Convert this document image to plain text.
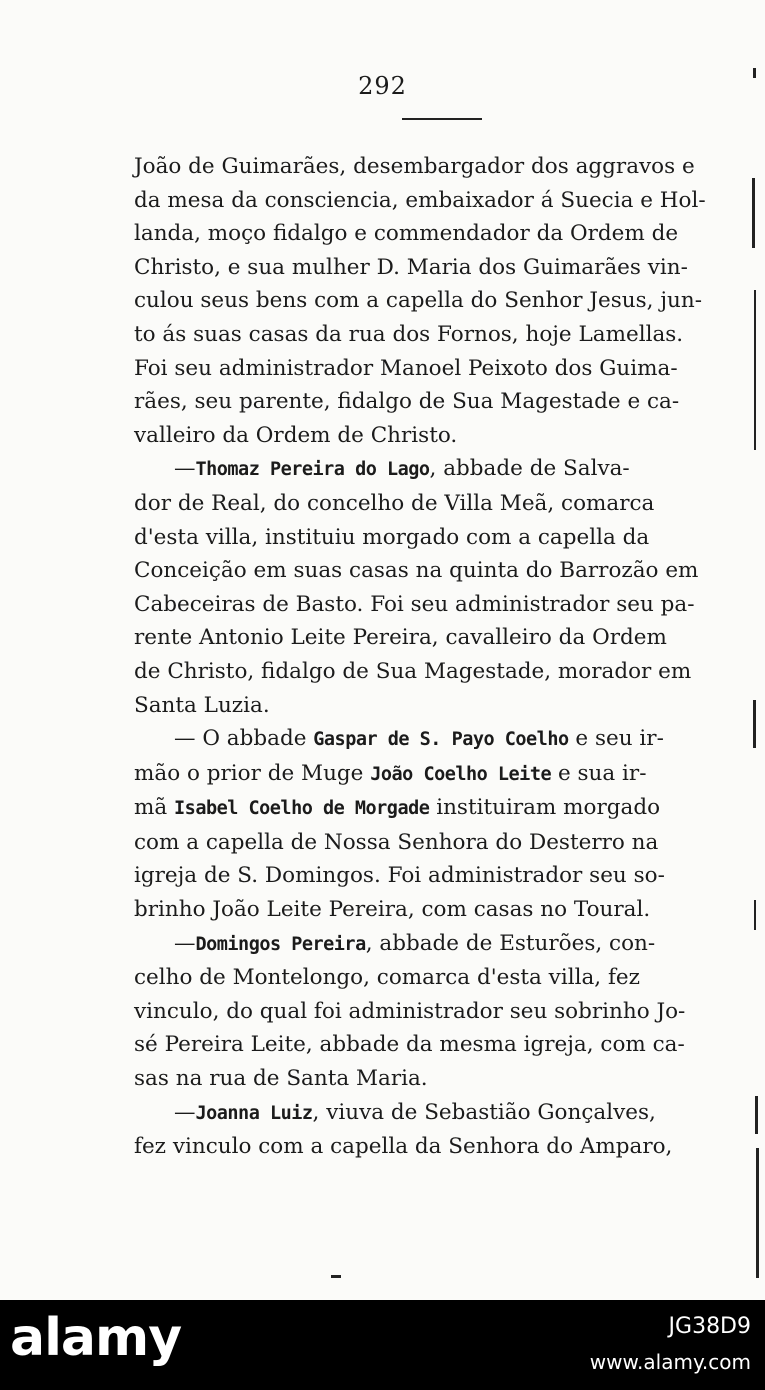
292

João de Guimarães, desembargador dos aggravos e
da mesa da consciencia, embaixador á Suecia e Hol-
landa, moço fidalgo e commendador da Ordem de
Christo, e sua mulher D. Maria dos Guimarães vin-
culou seus bens com a capella do Senhor Jesus, jun-
to ás suas casas da rua dos Fornos, hoje Lamellas.
Foi seu administrador Manoel Peixoto dos Guima-
rães, seu parente, fidalgo de Sua Magestade e ca-
valleiro da Ordem de Christo.

—Thomaz Pereira do Lago, abbade de Salva-
dor de Real, do concelho de Villa Meã, comarca
d'esta villa, instituiu morgado com a capella da
Conceição em suas casas na quinta do Barrozão em
Cabeceiras de Basto. Foi seu administrador seu pa-
rente Antonio Leite Pereira, cavalleiro da Ordem
de Christo, fidalgo de Sua Magestade, morador em
Santa Luzia.

— O abbade Gaspar de S. Payo Coelho e seu ir-
mão o prior de Muge João Coelho Leite e sua ir-
mã Isabel Coelho de Morgade instituiram morgado
com a capella de Nossa Senhora do Desterro na
igreja de S. Domingos. Foi administrador seu so-
brinho João Leite Pereira, com casas no Toural.

—Domingos Pereira, abbade de Esturões, con-
celho de Montelongo, comarca d'esta villa, fez
vinculo, do qual foi administrador seu sobrinho Jo-
sé Pereira Leite, abbade da mesma igreja, com ca-
sas na rua de Santa Maria.

—Joanna Luiz, viuva de Sebastião Gonçalves,
fez vinculo com a capella da Senhora do Amparo,

alamy	JG38D9
www.alamy.com
